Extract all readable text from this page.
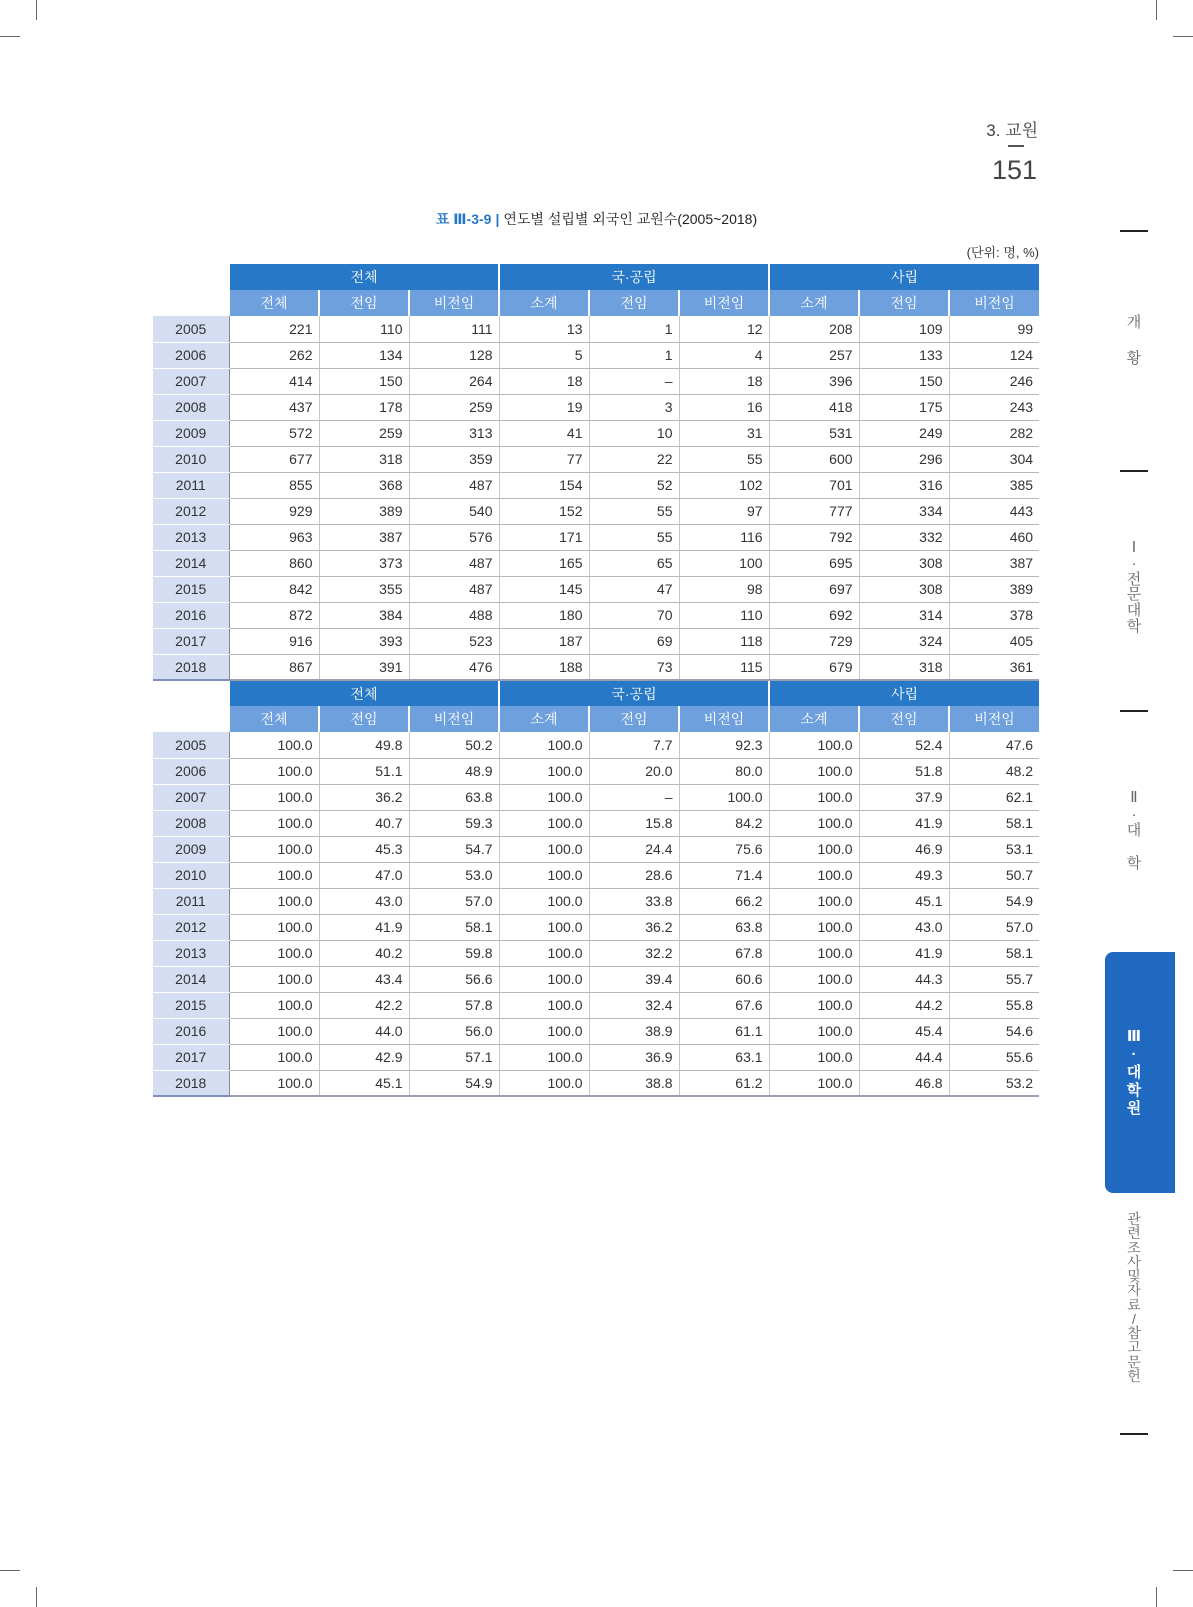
3. 교원
151
표 Ⅲ-3-9 | 연도별 설립별 외국인 교원수(2005~2018)
(단위: 명, %)
	전체			국·공립			사립		
	전체	전임	비전임	소계	전임	비전임	소계	전임	비전임
2005	221	110	111	13	1	12	208	109	99
2006	262	134	128	5	1	4	257	133	124
2007	414	150	264	18	–	18	396	150	246
2008	437	178	259	19	3	16	418	175	243
2009	572	259	313	41	10	31	531	249	282
2010	677	318	359	77	22	55	600	296	304
2011	855	368	487	154	52	102	701	316	385
2012	929	389	540	152	55	97	777	334	443
2013	963	387	576	171	55	116	792	332	460
2014	860	373	487	165	65	100	695	308	387
2015	842	355	487	145	47	98	697	308	389
2016	872	384	488	180	70	110	692	314	378
2017	916	393	523	187	69	118	729	324	405
2018	867	391	476	188	73	115	679	318	361
	전체			국·공립			사립		
	전체	전임	비전임	소계	전임	비전임	소계	전임	비전임
2005	100.0	49.8	50.2	100.0	7.7	92.3	100.0	52.4	47.6
2006	100.0	51.1	48.9	100.0	20.0	80.0	100.0	51.8	48.2
2007	100.0	36.2	63.8	100.0	–	100.0	100.0	37.9	62.1
2008	100.0	40.7	59.3	100.0	15.8	84.2	100.0	41.9	58.1
2009	100.0	45.3	54.7	100.0	24.4	75.6	100.0	46.9	53.1
2010	100.0	47.0	53.0	100.0	28.6	71.4	100.0	49.3	50.7
2011	100.0	43.0	57.0	100.0	33.8	66.2	100.0	45.1	54.9
2012	100.0	41.9	58.1	100.0	36.2	63.8	100.0	43.0	57.0
2013	100.0	40.2	59.8	100.0	32.2	67.8	100.0	41.9	58.1
2014	100.0	43.4	56.6	100.0	39.4	60.6	100.0	44.3	55.7
2015	100.0	42.2	57.8	100.0	32.4	67.6	100.0	44.2	55.8
2016	100.0	44.0	56.0	100.0	38.9	61.1	100.0	45.4	54.6
2017	100.0	42.9	57.1	100.0	36.9	63.1	100.0	44.4	55.6
2018	100.0	45.1	54.9	100.0	38.8	61.2	100.0	46.8	53.2
개

황
Ⅰ
·
전
문
대
학
Ⅱ
·
대

학
Ⅲ
·
대
학
원
관
련
조
사
및
자
료
/
참
고
문
헌
